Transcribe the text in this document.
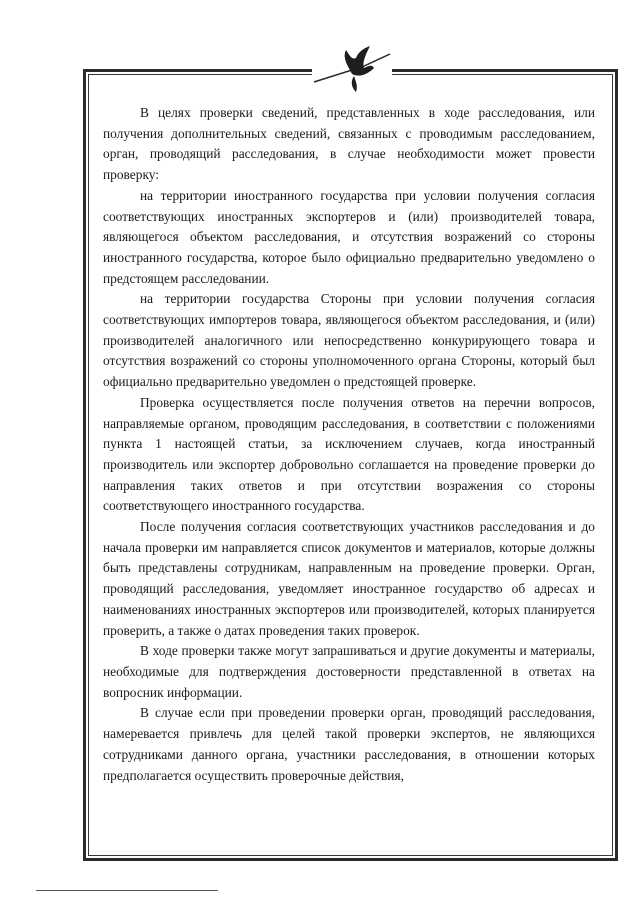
В целях проверки сведений, представленных в ходе расследования, или получения дополнительных сведений, связанных с проводимым расследованием, орган, проводящий расследования, в случае необходимости может провести проверку:

на территории иностранного государства при условии получения согласия соответствующих иностранных экспортеров и (или) производителей товара, являющегося объектом расследования, и отсутствия возражений со стороны иностранного государства, которое было официально предварительно уведомлено о предстоящем расследовании.

на территории государства Стороны при условии получения согласия соответствующих импортеров товара, являющегося объектом расследования, и (или) производителей аналогичного или непосредственно конкурирующего товара и отсутствия возражений со стороны уполномоченного органа Стороны, который был официально предварительно уведомлен о предстоящей проверке.

Проверка осуществляется после получения ответов на перечни вопросов, направляемые органом, проводящим расследования, в соответствии с положениями пункта 1 настоящей статьи, за исключением случаев, когда иностранный производитель или экспортер добровольно соглашается на проведение проверки до направления таких ответов и при отсутствии возражения со стороны соответствующего иностранного государства.

После получения согласия соответствующих участников расследования и до начала проверки им направляется список документов и материалов, которые должны быть представлены сотрудникам, направленным на проведение проверки. Орган, проводящий расследования, уведомляет иностранное государство об адресах и наименованиях иностранных экспортеров или производителей, которых планируется проверить, а также о датах проведения таких проверок.

В ходе проверки также могут запрашиваться и другие документы и материалы, необходимые для подтверждения достоверности представленной в ответах на вопросник информации.

В случае если при проведении проверки орган, проводящий расследования, намеревается привлечь для целей такой проверки экспертов, не являющихся сотрудниками данного органа, участники расследования, в отношении которых предполагается осуществить проверочные действия,
